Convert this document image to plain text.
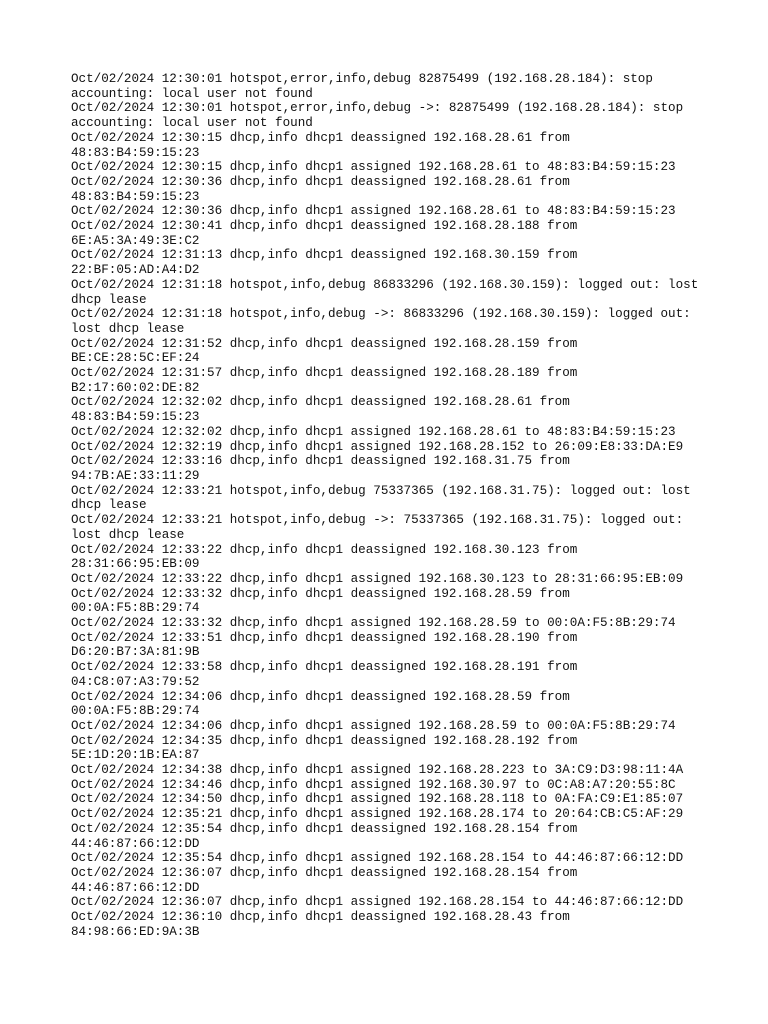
Oct/02/2024 12:30:01 hotspot,error,info,debug 82875499 (192.168.28.184): stop
accounting: local user not found
Oct/02/2024 12:30:01 hotspot,error,info,debug ->: 82875499 (192.168.28.184): stop
accounting: local user not found
Oct/02/2024 12:30:15 dhcp,info dhcp1 deassigned 192.168.28.61 from
48:83:B4:59:15:23
Oct/02/2024 12:30:15 dhcp,info dhcp1 assigned 192.168.28.61 to 48:83:B4:59:15:23
Oct/02/2024 12:30:36 dhcp,info dhcp1 deassigned 192.168.28.61 from
48:83:B4:59:15:23
Oct/02/2024 12:30:36 dhcp,info dhcp1 assigned 192.168.28.61 to 48:83:B4:59:15:23
Oct/02/2024 12:30:41 dhcp,info dhcp1 deassigned 192.168.28.188 from
6E:A5:3A:49:3E:C2
Oct/02/2024 12:31:13 dhcp,info dhcp1 deassigned 192.168.30.159 from
22:BF:05:AD:A4:D2
Oct/02/2024 12:31:18 hotspot,info,debug 86833296 (192.168.30.159): logged out: lost
dhcp lease
Oct/02/2024 12:31:18 hotspot,info,debug ->: 86833296 (192.168.30.159): logged out:
lost dhcp lease
Oct/02/2024 12:31:52 dhcp,info dhcp1 deassigned 192.168.28.159 from
BE:CE:28:5C:EF:24
Oct/02/2024 12:31:57 dhcp,info dhcp1 deassigned 192.168.28.189 from
B2:17:60:02:DE:82
Oct/02/2024 12:32:02 dhcp,info dhcp1 deassigned 192.168.28.61 from
48:83:B4:59:15:23
Oct/02/2024 12:32:02 dhcp,info dhcp1 assigned 192.168.28.61 to 48:83:B4:59:15:23
Oct/02/2024 12:32:19 dhcp,info dhcp1 assigned 192.168.28.152 to 26:09:E8:33:DA:E9
Oct/02/2024 12:33:16 dhcp,info dhcp1 deassigned 192.168.31.75 from
94:7B:AE:33:11:29
Oct/02/2024 12:33:21 hotspot,info,debug 75337365 (192.168.31.75): logged out: lost
dhcp lease
Oct/02/2024 12:33:21 hotspot,info,debug ->: 75337365 (192.168.31.75): logged out:
lost dhcp lease
Oct/02/2024 12:33:22 dhcp,info dhcp1 deassigned 192.168.30.123 from
28:31:66:95:EB:09
Oct/02/2024 12:33:22 dhcp,info dhcp1 assigned 192.168.30.123 to 28:31:66:95:EB:09
Oct/02/2024 12:33:32 dhcp,info dhcp1 deassigned 192.168.28.59 from
00:0A:F5:8B:29:74
Oct/02/2024 12:33:32 dhcp,info dhcp1 assigned 192.168.28.59 to 00:0A:F5:8B:29:74
Oct/02/2024 12:33:51 dhcp,info dhcp1 deassigned 192.168.28.190 from
D6:20:B7:3A:81:9B
Oct/02/2024 12:33:58 dhcp,info dhcp1 deassigned 192.168.28.191 from
04:C8:07:A3:79:52
Oct/02/2024 12:34:06 dhcp,info dhcp1 deassigned 192.168.28.59 from
00:0A:F5:8B:29:74
Oct/02/2024 12:34:06 dhcp,info dhcp1 assigned 192.168.28.59 to 00:0A:F5:8B:29:74
Oct/02/2024 12:34:35 dhcp,info dhcp1 deassigned 192.168.28.192 from
5E:1D:20:1B:EA:87
Oct/02/2024 12:34:38 dhcp,info dhcp1 assigned 192.168.28.223 to 3A:C9:D3:98:11:4A
Oct/02/2024 12:34:46 dhcp,info dhcp1 assigned 192.168.30.97 to 0C:A8:A7:20:55:8C
Oct/02/2024 12:34:50 dhcp,info dhcp1 assigned 192.168.28.118 to 0A:FA:C9:E1:85:07
Oct/02/2024 12:35:21 dhcp,info dhcp1 assigned 192.168.28.174 to 20:64:CB:C5:AF:29
Oct/02/2024 12:35:54 dhcp,info dhcp1 deassigned 192.168.28.154 from
44:46:87:66:12:DD
Oct/02/2024 12:35:54 dhcp,info dhcp1 assigned 192.168.28.154 to 44:46:87:66:12:DD
Oct/02/2024 12:36:07 dhcp,info dhcp1 deassigned 192.168.28.154 from
44:46:87:66:12:DD
Oct/02/2024 12:36:07 dhcp,info dhcp1 assigned 192.168.28.154 to 44:46:87:66:12:DD
Oct/02/2024 12:36:10 dhcp,info dhcp1 deassigned 192.168.28.43 from
84:98:66:ED:9A:3B
